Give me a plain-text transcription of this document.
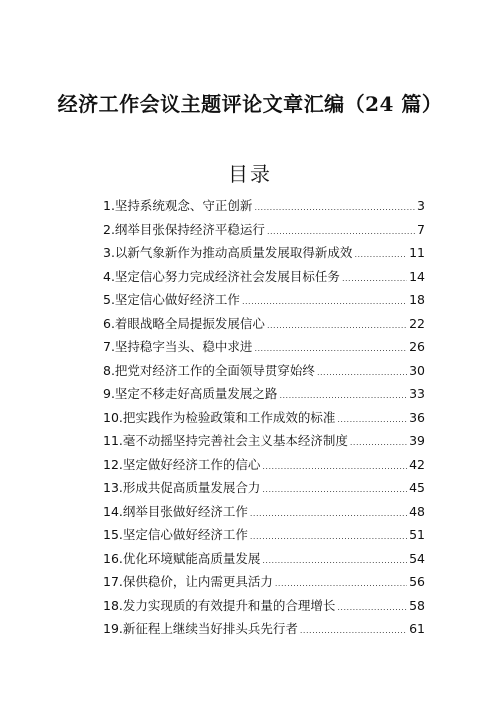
经济工作会议主题评论文章汇编（24 篇）
目录
1.坚持系统观念、守正创新 .....	3
2.纲举目张保持经济平稳运行 .....	7
3.以新气象新作为推动高质量发展取得新成效 .....	11
4.坚定信心努力完成经济社会发展目标任务 .....	14
5.坚定信心做好经济工作 .....	18
6.着眼战略全局提振发展信心 .....	22
7.坚持稳字当头、稳中求进 .....	26
8.把党对经济工作的全面领导贯穿始终 .....	30
9.坚定不移走好高质量发展之路 .....	33
10.把实践作为检验政策和工作成效的标准 .....	36
11.毫不动摇坚持完善社会主义基本经济制度 .....	39
12.坚定做好经济工作的信心 .....	42
13.形成共促高质量发展合力 .....	45
14.纲举目张做好经济工作 .....	48
15.坚定信心做好经济工作 .....	51
16.优化环境赋能高质量发展 .....	54
17.保供稳价，让内需更具活力 .....	56
18.发力实现质的有效提升和量的合理增长 .....	58
19.新征程上继续当好排头兵先行者 .....	61
